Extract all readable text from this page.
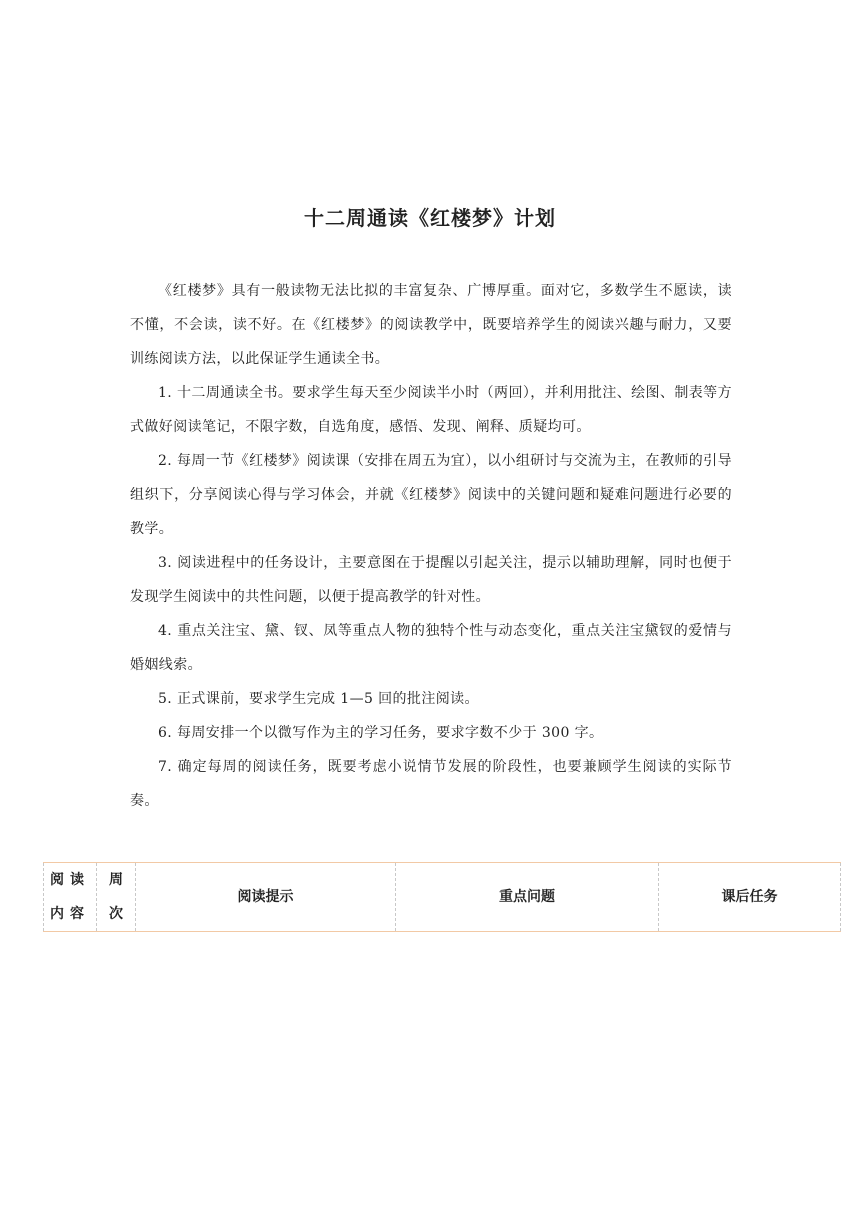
十二周通读《红楼梦》计划

《红楼梦》具有一般读物无法比拟的丰富复杂、广博厚重。面对它，多数学生不愿读，读不懂，不会读，读不好。在《红楼梦》的阅读教学中，既要培养学生的阅读兴趣与耐力，又要训练阅读方法，以此保证学生通读全书。

1. 十二周通读全书。要求学生每天至少阅读半小时（两回），并利用批注、绘图、制表等方式做好阅读笔记，不限字数，自选角度，感悟、发现、阐释、质疑均可。

2. 每周一节《红楼梦》阅读课（安排在周五为宜），以小组研讨与交流为主，在教师的引导组织下，分享阅读心得与学习体会，并就《红楼梦》阅读中的关键问题和疑难问题进行必要的教学。

3. 阅读进程中的任务设计，主要意图在于提醒以引起关注，提示以辅助理解，同时也便于发现学生阅读中的共性问题，以便于提高教学的针对性。

4. 重点关注宝、黛、钗、凤等重点人物的独特个性与动态变化，重点关注宝黛钗的爱情与婚姻线索。

5. 正式课前，要求学生完成 1—5 回的批注阅读。

6. 每周安排一个以微写作为主的学习任务，要求字数不少于 300 字。

7. 确定每周的阅读任务，既要考虑小说情节发展的阶段性，也要兼顾学生阅读的实际节奏。

阅读内容	周次	阅读提示	重点问题	课后任务
